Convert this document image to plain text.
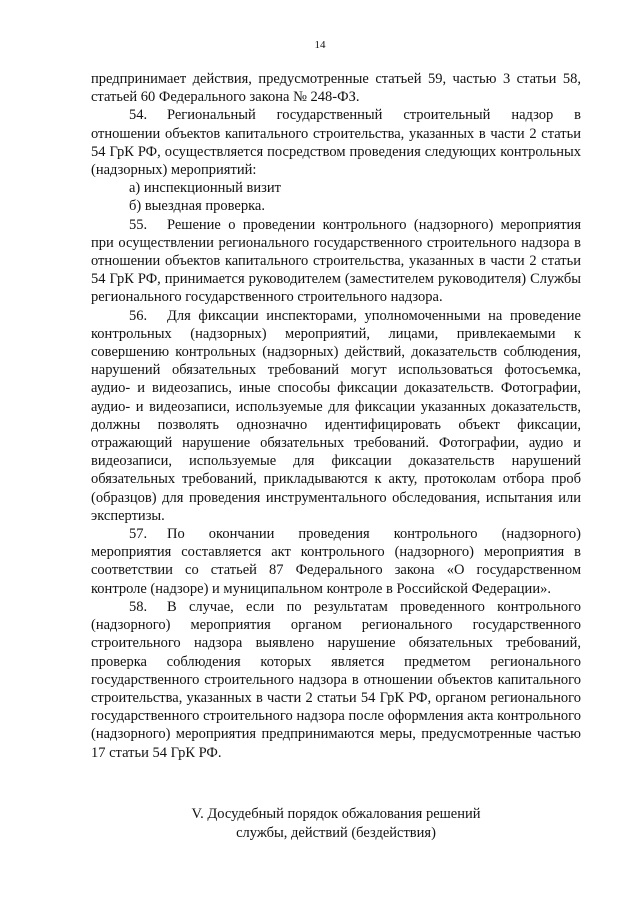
14

предпринимает действия, предусмотренные статьей 59, частью 3 статьи 58, статьей 60 Федерального закона № 248-ФЗ.

54. Региональный государственный строительный надзор в отношении объектов капитального строительства, указанных в части 2 статьи 54 ГрК РФ, осуществляется посредством проведения следующих контрольных (надзорных) мероприятий:

а) инспекционный визит

б) выездная проверка.

55. Решение о проведении контрольного (надзорного) мероприятия при осуществлении регионального государственного строительного надзора в отношении объектов капитального строительства, указанных в части 2 статьи 54 ГрК РФ, принимается руководителем (заместителем руководителя) Службы регионального государственного строительного надзора.

56. Для фиксации инспекторами, уполномоченными на проведение контрольных (надзорных) мероприятий, лицами, привлекаемыми к совершению контрольных (надзорных) действий, доказательств соблюдения, нарушений обязательных требований могут использоваться фотосъемка, аудио- и видеозапись, иные способы фиксации доказательств. Фотографии, аудио- и видеозаписи, используемые для фиксации указанных доказательств, должны позволять однозначно идентифицировать объект фиксации, отражающий нарушение обязательных требований. Фотографии, аудио и видеозаписи, используемые для фиксации доказательств нарушений обязательных требований, прикладываются к акту, протоколам отбора проб (образцов) для проведения инструментального обследования, испытания или экспертизы.

57. По окончании проведения контрольного (надзорного) мероприятия составляется акт контрольного (надзорного) мероприятия в соответствии со статьей 87 Федерального закона «О государственном контроле (надзоре) и муниципальном контроле в Российской Федерации».

58. В случае, если по результатам проведенного контрольного (надзорного) мероприятия органом регионального государственного строительного надзора выявлено нарушение обязательных требований, проверка соблюдения которых является предметом регионального государственного строительного надзора в отношении объектов капитального строительства, указанных в части 2 статьи 54 ГрК РФ, органом регионального государственного строительного надзора после оформления акта контрольного (надзорного) мероприятия предпринимаются меры, предусмотренные частью 17 статьи 54 ГрК РФ.

V. Досудебный порядок обжалования решений
службы, действий (бездействия)
